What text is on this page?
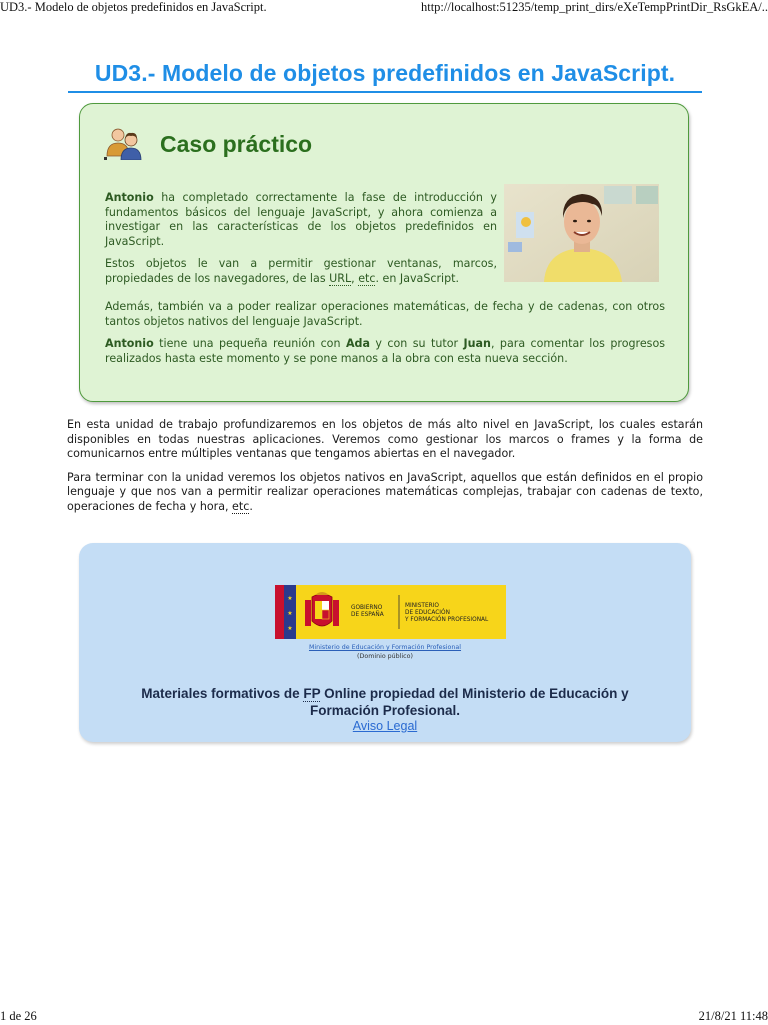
UD3.- Modelo de objetos predefinidos en JavaScript.	http://localhost:51235/temp_print_dirs/eXeTempPrintDir_RsGkEA/..
UD3.- Modelo de objetos predefinidos en JavaScript.
Caso práctico

Antonio ha completado correctamente la fase de introducción y fundamentos básicos del lenguaje JavaScript, y ahora comienza a investigar en las características de los objetos predefinidos en JavaScript.

Estos objetos le van a permitir gestionar ventanas, marcos, propiedades de los navegadores, de las URL, etc. en JavaScript.

Además, también va a poder realizar operaciones matemáticas, de fecha y de cadenas, con otros tantos objetos nativos del lenguaje JavaScript.

Antonio tiene una pequeña reunión con Ada y con su tutor Juan, para comentar los progresos realizados hasta este momento y se pone manos a la obra con esta nueva sección.

En esta unidad de trabajo profundizaremos en los objetos de más alto nivel en JavaScript, los cuales estarán disponibles en todas nuestras aplicaciones. Veremos como gestionar los marcos o frames y la forma de comunicarnos entre múltiples ventanas que tengamos abiertas en el navegador.

Para terminar con la unidad veremos los objetos nativos en JavaScript, aquellos que están definidos en el propio lenguaje y que nos van a permitir realizar operaciones matemáticas complejas, trabajar con cadenas de texto, operaciones de fecha y hora, etc.

★
★
★
GOBIERNO
DE ESPAÑA
MINISTERIO
DE EDUCACIÓN
Y FORMACIÓN PROFESIONAL
Ministerio de Educación y Formación Profesional
(Dominio público)
Materiales formativos de FP Online propiedad del Ministerio de Educación y Formación Profesional.
Aviso Legal
1 de 26	21/8/21 11:48
